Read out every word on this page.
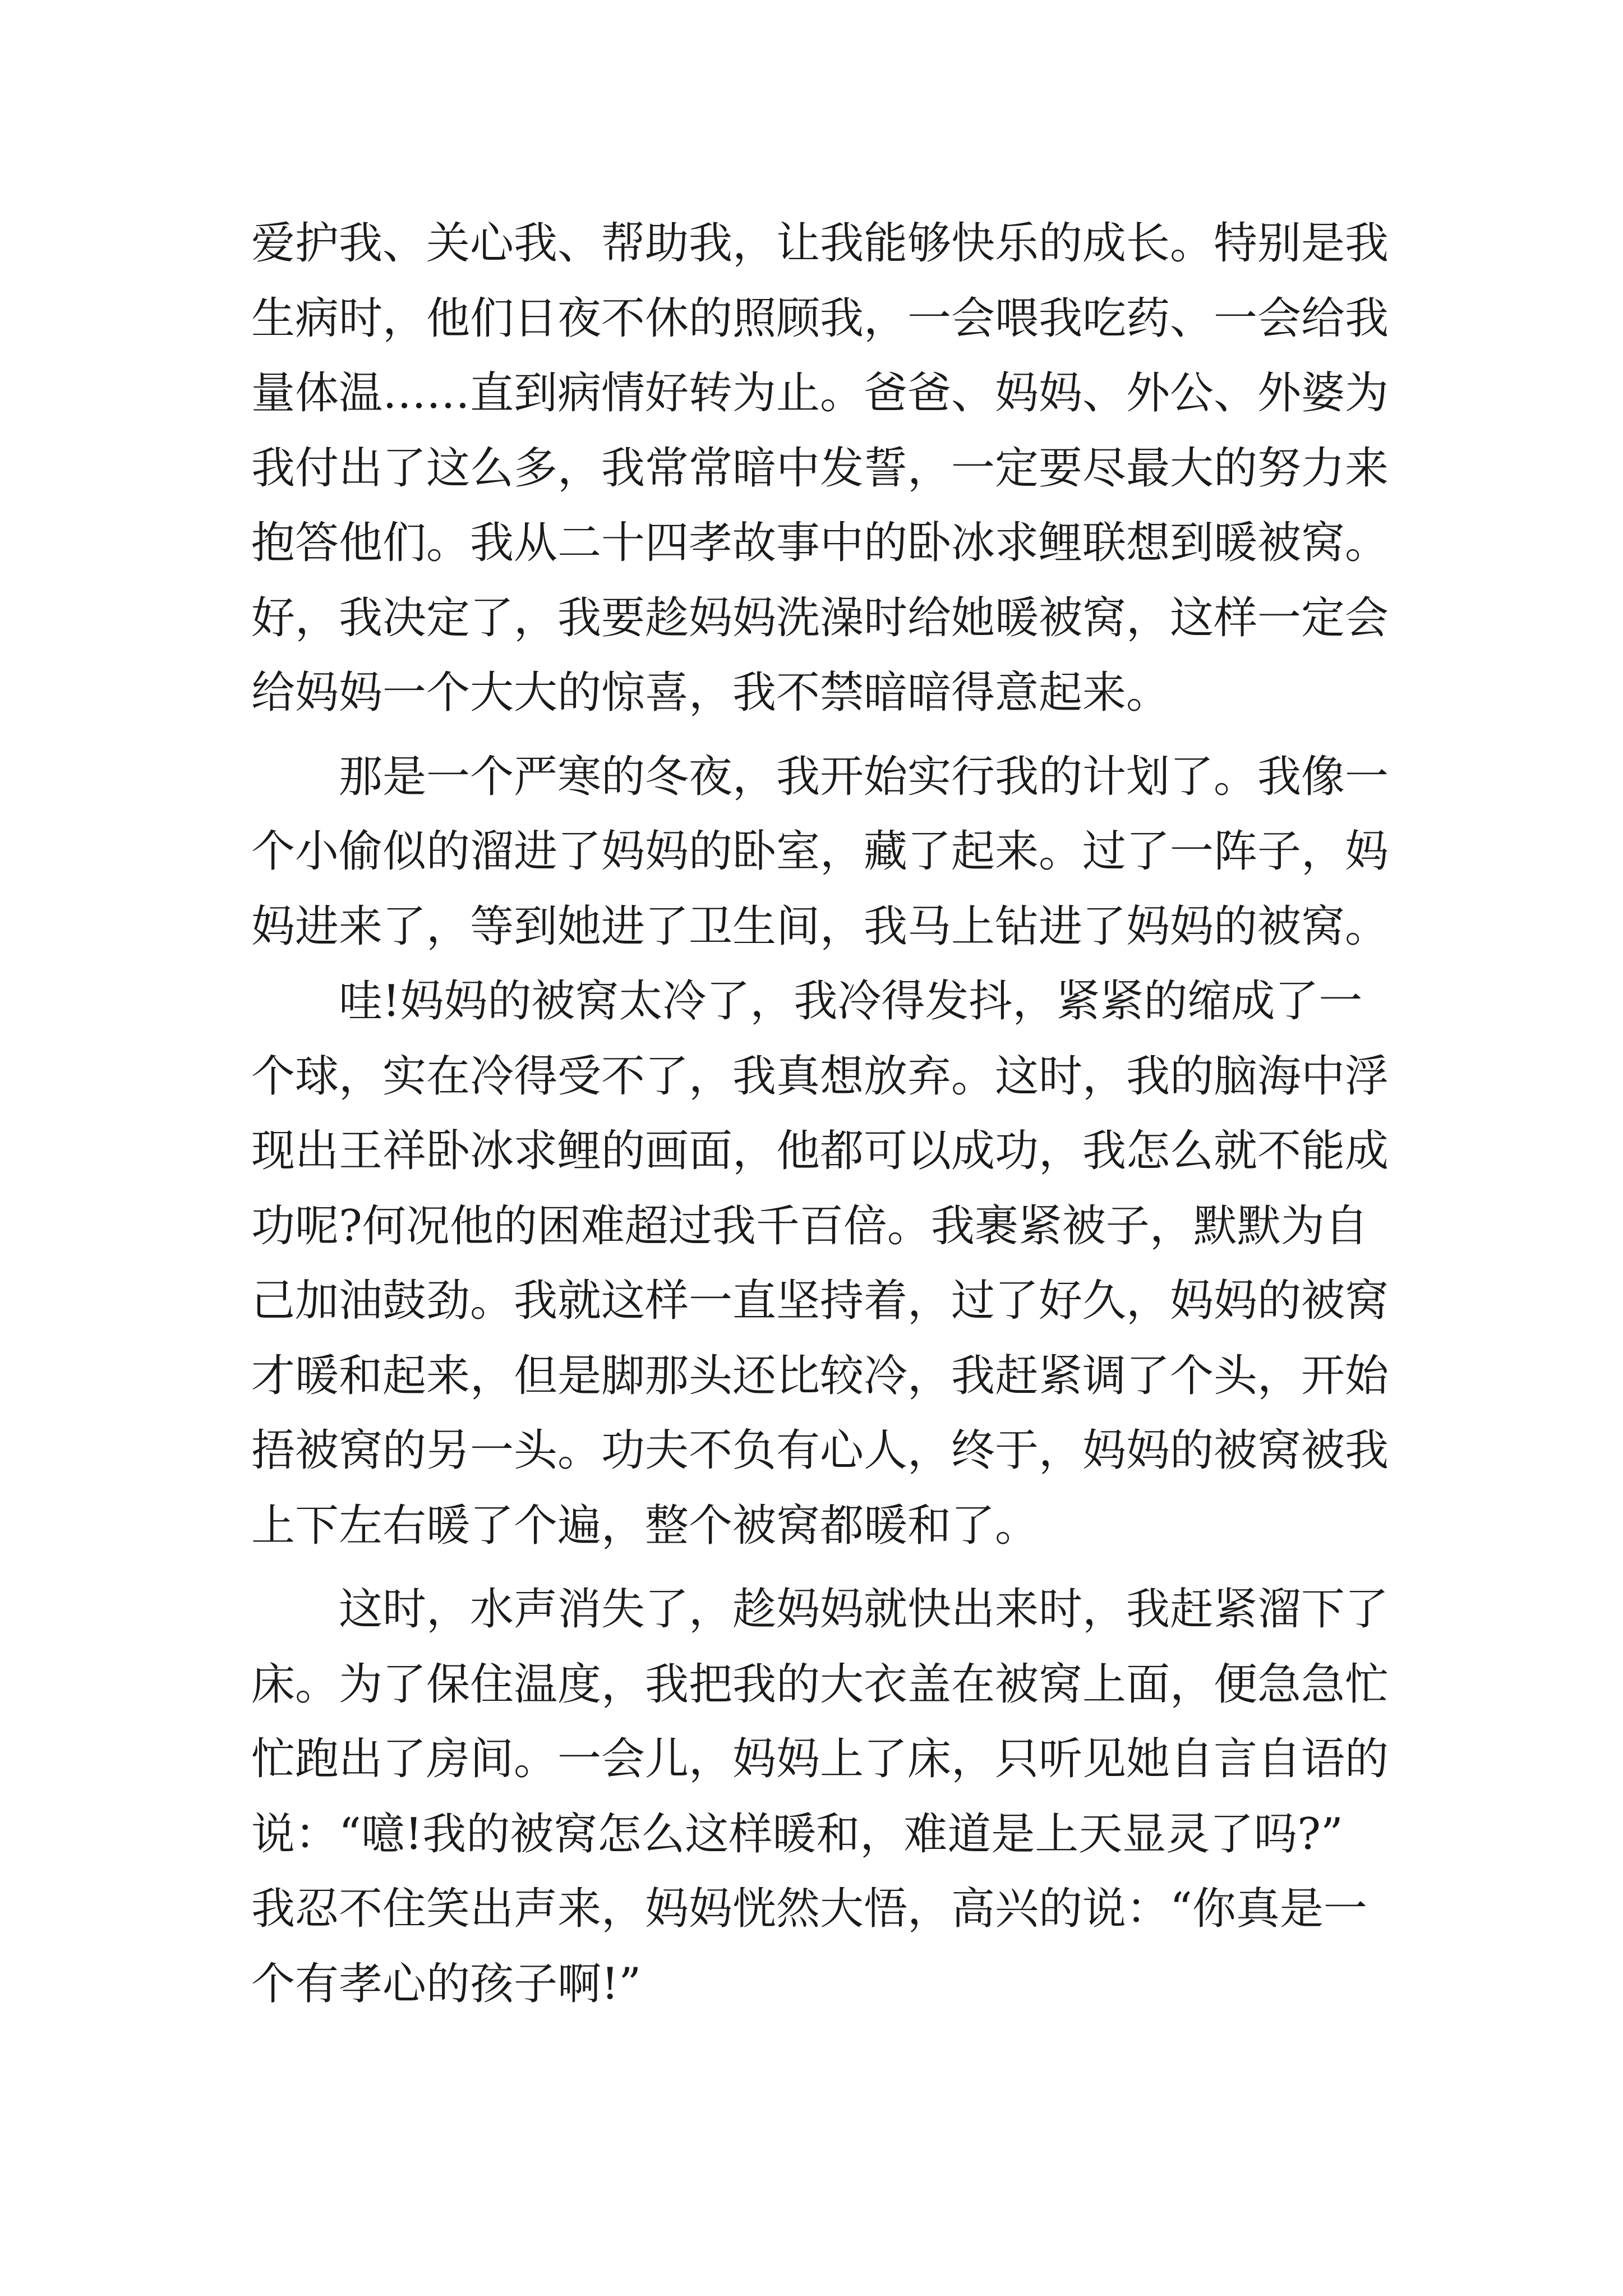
爱护我、关心我、帮助我，让我能够快乐的成长。特别是我
生病时，他们日夜不休的照顾我，一会喂我吃药、一会给我
量体温……直到病情好转为止。爸爸、妈妈、外公、外婆为
我付出了这么多，我常常暗中发誓，一定要尽最大的努力来
抱答他们。我从二十四孝故事中的卧冰求鲤联想到暖被窝。
好，我决定了，我要趁妈妈洗澡时给她暖被窝，这样一定会
给妈妈一个大大的惊喜，我不禁暗暗得意起来。
　　那是一个严寒的冬夜，我开始实行我的计划了。我像一
个小偷似的溜进了妈妈的卧室，藏了起来。过了一阵子，妈
妈进来了，等到她进了卫生间，我马上钻进了妈妈的被窝。
　　哇!妈妈的被窝太冷了，我冷得发抖，紧紧的缩成了一
个球，实在冷得受不了，我真想放弃。这时，我的脑海中浮
现出王祥卧冰求鲤的画面，他都可以成功，我怎么就不能成
功呢?何况他的困难超过我千百倍。我裹紧被子，默默为自
己加油鼓劲。我就这样一直坚持着，过了好久，妈妈的被窝
才暖和起来，但是脚那头还比较冷，我赶紧调了个头，开始
捂被窝的另一头。功夫不负有心人，终于，妈妈的被窝被我
上下左右暖了个遍，整个被窝都暖和了。
　　这时，水声消失了，趁妈妈就快出来时，我赶紧溜下了
床。为了保住温度，我把我的大衣盖在被窝上面，便急急忙
忙跑出了房间。一会儿，妈妈上了床，只听见她自言自语的
说：“噫!我的被窝怎么这样暖和，难道是上天显灵了吗?”
我忍不住笑出声来，妈妈恍然大悟，高兴的说：“你真是一
个有孝心的孩子啊!”
